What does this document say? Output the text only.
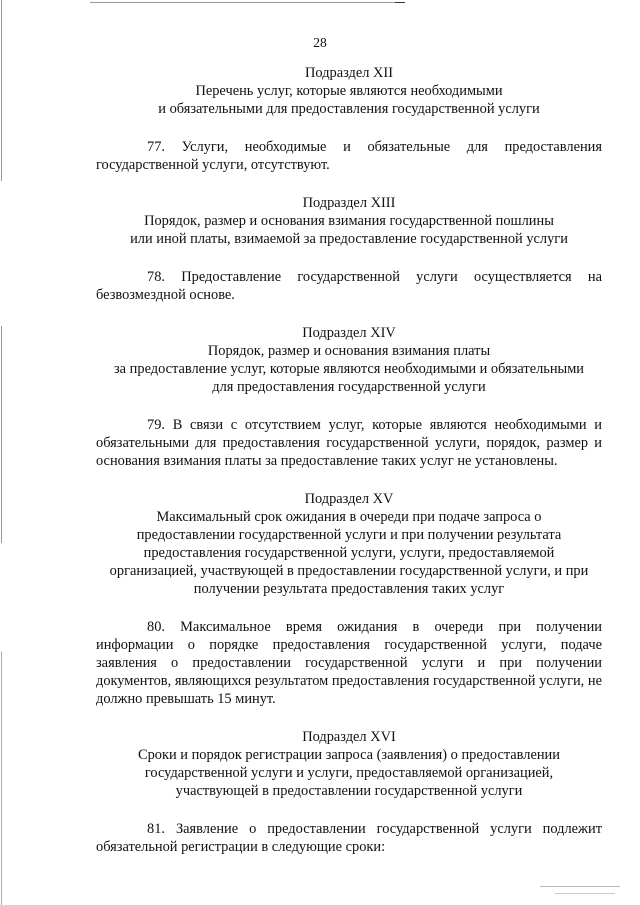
28
Подраздел XII
Перечень услуг, которые являются необходимыми
и обязательными для предоставления государственной услуги

77. Услуги, необходимые и обязательные для предоставления государственной услуги, отсутствуют.

Подраздел XIII
Порядок, размер и основания взимания государственной пошлины
или иной платы, взимаемой за предоставление государственной услуги

78. Предоставление государственной услуги осуществляется на безвозмездной основе.

Подраздел XIV
Порядок, размер и основания взимания платы
за предоставление услуг, которые являются необходимыми и обязательными
для предоставления государственной услуги

79. В связи с отсутствием услуг, которые являются необходимыми и обязательными для предоставления государственной услуги, порядок, размер и основания взимания платы за предоставление таких услуг не установлены.

Подраздел XV
Максимальный срок ожидания в очереди при подаче запроса о
предоставлении государственной услуги и при получении результата
предоставления государственной услуги, услуги, предоставляемой
организацией, участвующей в предоставлении государственной услуги, и при
получении результата предоставления таких услуг

80. Максимальное время ожидания в очереди при получении информации о порядке предоставления государственной услуги, подаче заявления о предоставлении государственной услуги и при получении документов, являющихся результатом предоставления государственной услуги, не должно превышать 15 минут.

Подраздел XVI
Сроки и порядок регистрации запроса (заявления) о предоставлении
государственной услуги и услуги, предоставляемой организацией,
участвующей в предоставлении государственной услуги

81. Заявление о предоставлении государственной услуги подлежит обязательной регистрации в следующие сроки:
